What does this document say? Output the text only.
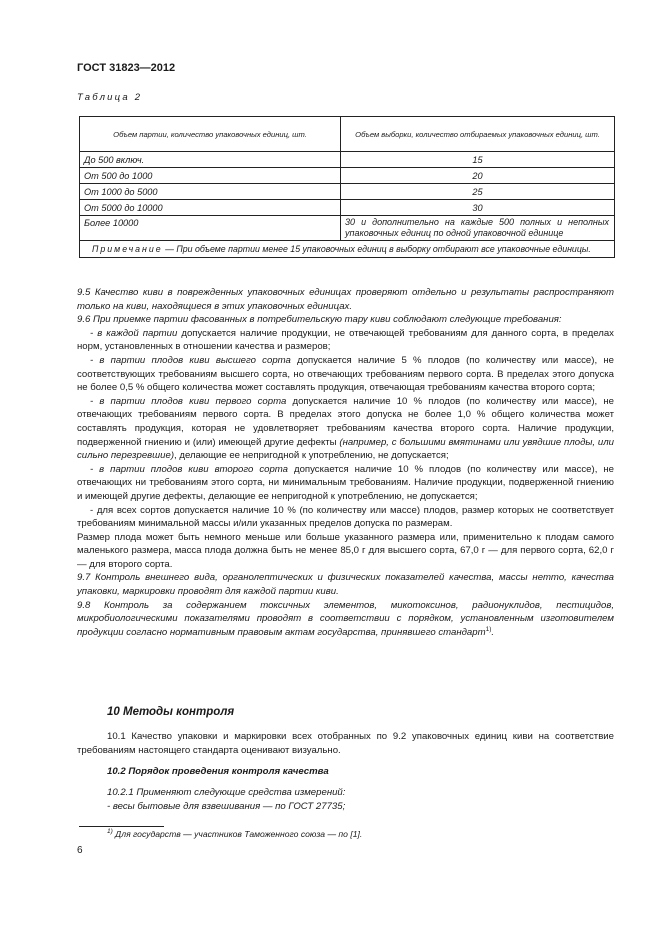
ГОСТ 31823—2012
Таблица 2
Объем партии, количество упаковочных единиц, шт.	Объем выборки, количество отбираемых упаковочных единиц, шт.
До 500 включ.	15
От 500 до 1000	20
От 1000 до 5000	25
От 5000 до 10000	30
Более 10000	30 и дополнительно на каждые 500 полных и неполных упаковочных единиц по одной упаковочной единице
Примечание — При объеме партии менее 15 упаковочных единиц в выборку отбирают все упаковочные единицы.	

9.5 Качество киви в поврежденных упаковочных единицах проверяют отдельно и результаты распространяют только на киви, находящиеся в этих упаковочных единицах.

9.6 При приемке партии фасованных в потребительскую тару киви соблюдают следующие требования:

- в каждой партии допускается наличие продукции, не отвечающей требованиям для данного сорта, в пределах норм, установленных в отношении качества и размеров;

- в партии плодов киви высшего сорта допускается наличие 5 % плодов (по количеству или массе), не соответствующих требованиям высшего сорта, но отвечающих требованиям первого сорта. В пределах этого допуска не более 0,5 % общего количества может составлять продукция, отвечающая требованиям качества второго сорта;

- в партии плодов киви первого сорта допускается наличие 10 % плодов (по количеству или массе), не отвечающих требованиям первого сорта. В пределах этого допуска не более 1,0 % общего количества может составлять продукция, которая не удовлетворяет требованиям качества второго сорта. Наличие продукции, подверженной гниению и (или) имеющей другие дефекты (например, с большими вмятинами или увядшие плоды, или сильно перезревшие), делающие ее непригодной к употреблению, не допускается;

- в партии плодов киви второго сорта допускается наличие 10 % плодов (по количеству или массе), не отвечающих ни требованиям этого сорта, ни минимальным требованиям. Наличие продукции, подверженной гниению и имеющей другие дефекты, делающие ее непригодной к употреблению, не допускается;

- для всех сортов допускается наличие 10 % (по количеству или массе) плодов, размер которых не соответствует требованиям минимальной массы и/или указанных пределов допуска по размерам.

Размер плода может быть немного меньше или больше указанного размера или, применительно к плодам самого маленького размера, масса плода должна быть не менее 85,0 г для высшего сорта, 67,0 г — для первого сорта, 62,0 г — для второго сорта.

9.7 Контроль внешнего вида, органолептических и физических показателей качества, массы нетто, качества упаковки, маркировки проводят для каждой партии киви.

9.8 Контроль за содержанием токсичных элементов, микотоксинов, радионуклидов, пестицидов, микробиологическими показателями проводят в соответствии с порядком, установленным изготовителем продукции согласно нормативным правовым актам государства, принявшего стандарт$^{1)}$.

10 Методы контроля

10.1 Качество упаковки и маркировки всех отобранных по 9.2 упаковочных единиц киви на соответствие требованиям настоящего стандарта оценивают визуально.

10.2 Порядок проведения контроля качества

10.2.1 Применяют следующие средства измерений:

- весы бытовые для взвешивания — по ГОСТ 27735;

$^{1)}$ Для государств — участников Таможенного союза — по [1].
6
